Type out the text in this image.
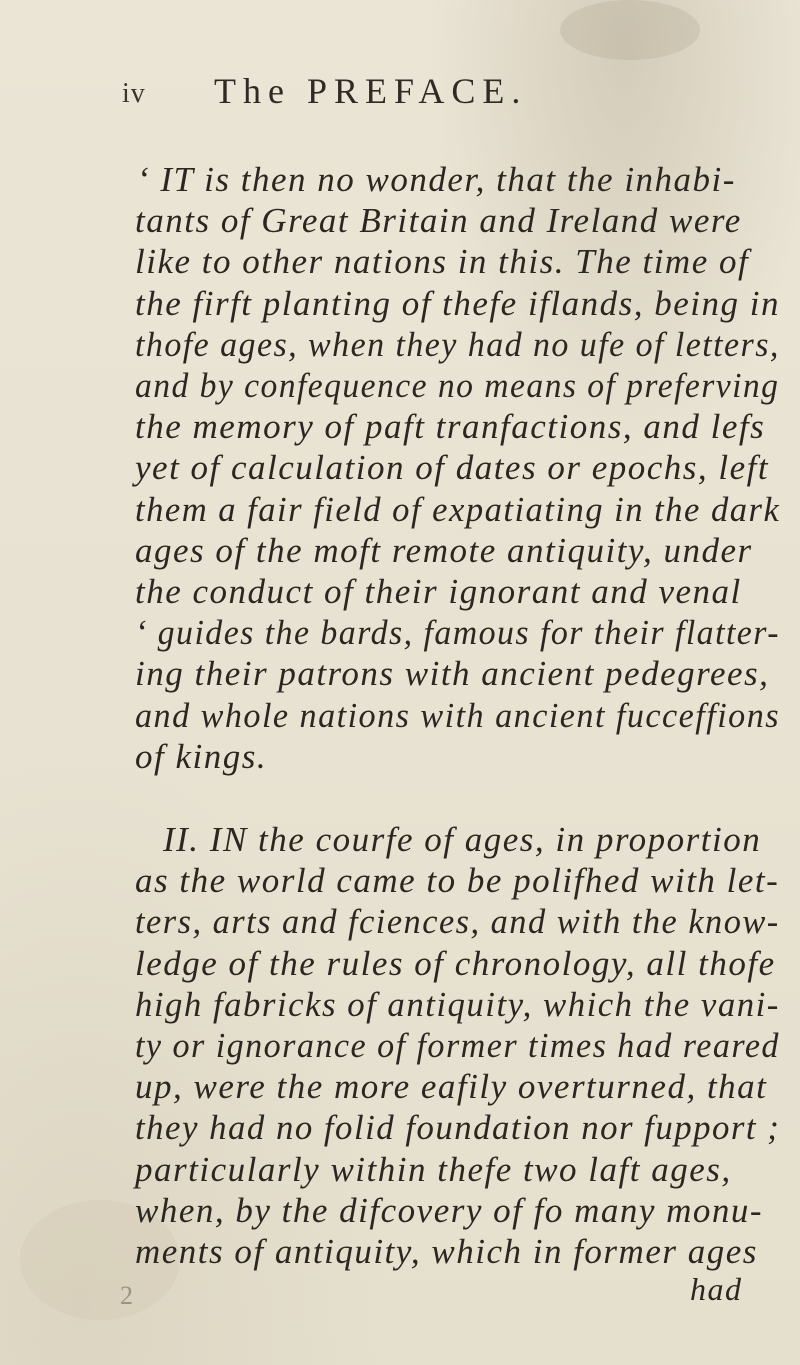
iv The PREFACE.
‘ IT is then no wonder, that the inhabi-
tants of Great Britain and Ireland were
like to other nations in this. The time of
the firft planting of thefe iflands, being in
thofe ages, when they had no ufe of letters,
and by confequence no means of preferving
the memory of paft tranfactions, and lefs
yet of calculation of dates or epochs, left
them a fair field of expatiating in the dark
ages of the moft remote antiquity, under
the conduct of their ignorant and venal
‘ guides the bards, famous for their flatter-
ing their patrons with ancient pedegrees,
and whole nations with ancient fucceffions
of kings.
II. IN the courfe of ages, in proportion
as the world came to be polifhed with let-
ters, arts and fciences, and with the know-
ledge of the rules of chronology, all thofe
high fabricks of antiquity, which the vani-
ty or ignorance of former times had reared
up, were the more eafily overturned, that
they had no folid foundation nor fupport ;
particularly within thefe two laft ages,
when, by the difcovery of fo many monu-
ments of antiquity, which in former ages
had
2
